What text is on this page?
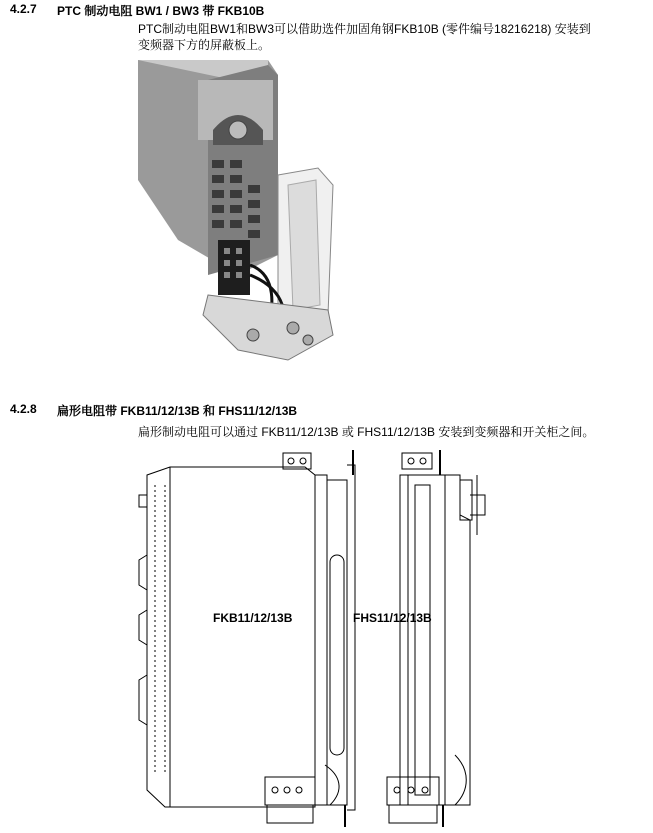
4.2.7 PTC 制动电阻 BW1 / BW3 带 FKB10B
PTC制动电阻BW1和BW3可以借助选件加固角钢FKB10B (零件编号18216218) 安装到
变频器下方的屏蔽板上。
4.2.8 扁形电阻带 FKB11/12/13B 和 FHS11/12/13B
扁形制动电阻可以通过 FKB11/12/13B 或 FHS11/12/13B 安装到变频器和开关柜之间。
FKB11/12/13B	FHS11/12/13B
